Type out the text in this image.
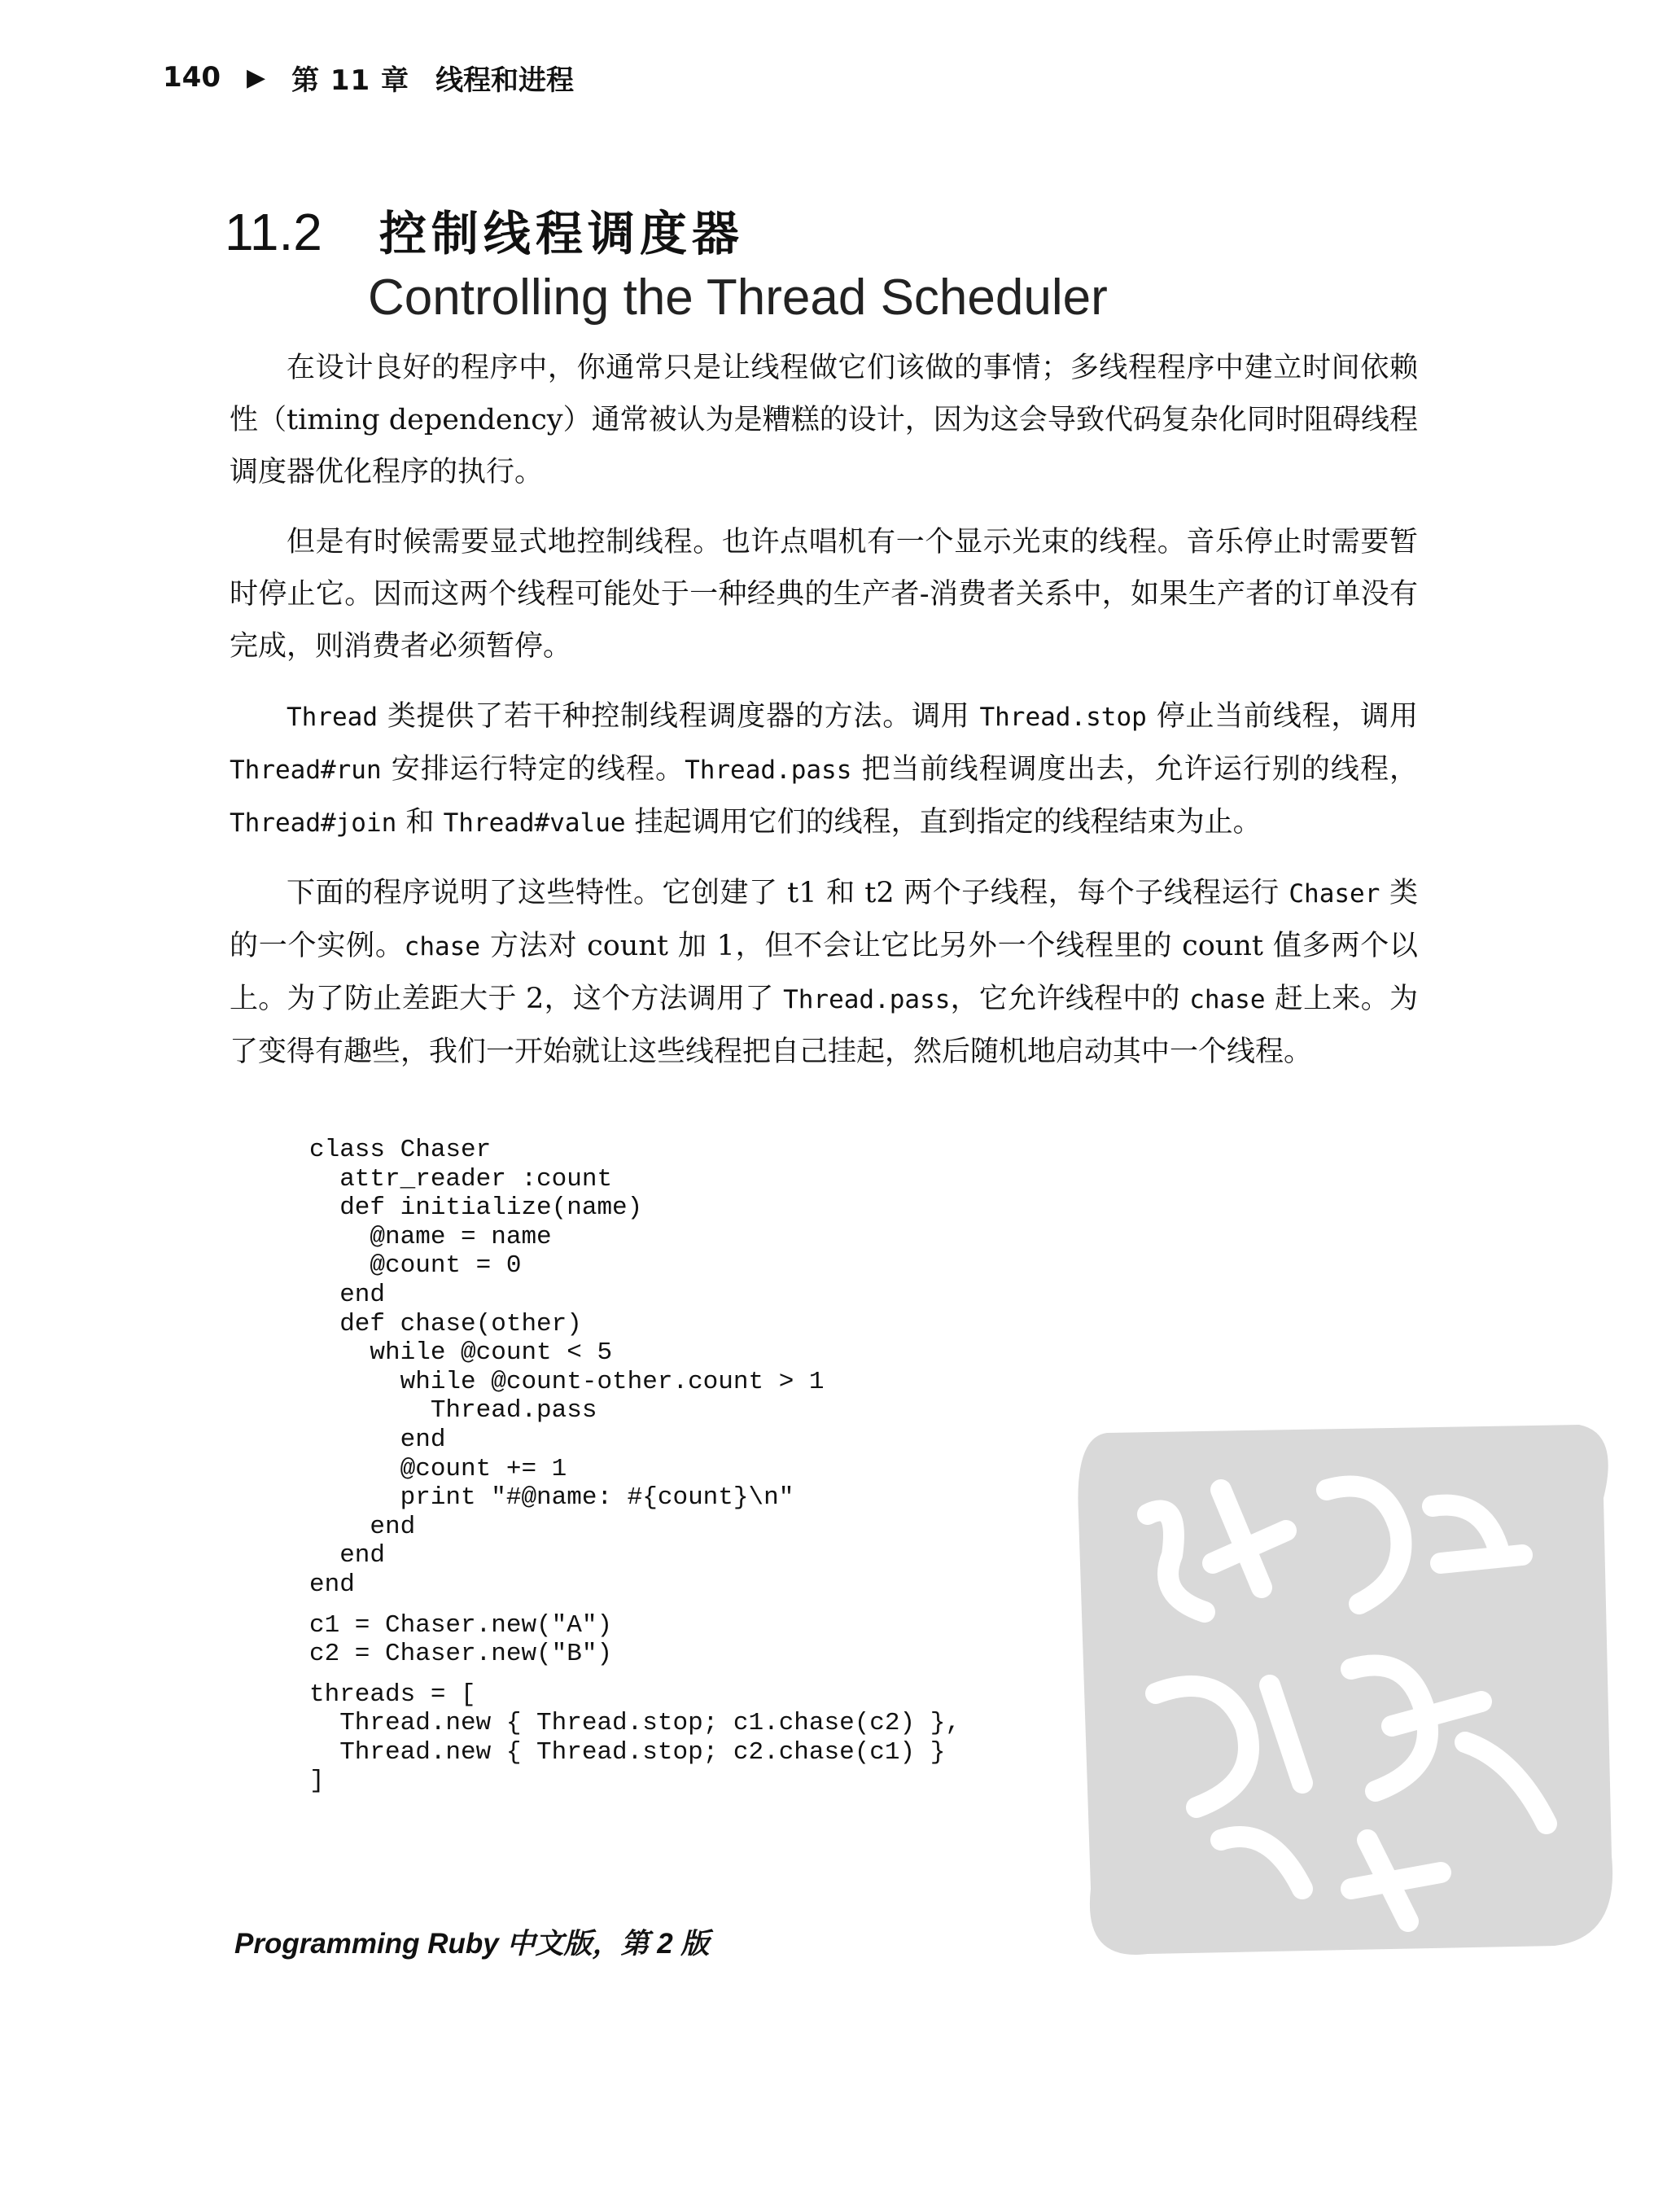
140 ▶ 第 11 章 线程和进程
11.2 控制线程调度器
Controlling the Thread Scheduler

在设计良好的程序中，你通常只是让线程做它们该做的事情；多线程程序中建立时间依赖性（timing dependency）通常被认为是糟糕的设计，因为这会导致代码复杂化同时阻碍线程调度器优化程序的执行。

但是有时候需要显式地控制线程。也许点唱机有一个显示光束的线程。音乐停止时需要暂时停止它。因而这两个线程可能处于一种经典的生产者-消费者关系中，如果生产者的订单没有完成，则消费者必须暂停。

Thread 类提供了若干种控制线程调度器的方法。调用 Thread.stop 停止当前线程，调用 Thread#run 安排运行特定的线程。Thread.pass 把当前线程调度出去，允许运行别的线程，Thread#join 和 Thread#value 挂起调用它们的线程，直到指定的线程结束为止。

下面的程序说明了这些特性。它创建了 t1 和 t2 两个子线程，每个子线程运行 Chaser 类的一个实例。chase 方法对 count 加 1，但不会让它比另外一个线程里的 count 值多两个以上。为了防止差距大于 2，这个方法调用了 Thread.pass，它允许线程中的 chase 赶上来。为了变得有趣些，我们一开始就让这些线程把自己挂起，然后随机地启动其中一个线程。

class Chaser
attr_reader :count
def initialize(name)
@name = name
@count = 0
end
def chase(other)
while @count < 5
while @count-other.count > 1
Thread.pass
end
@count += 1
print "#@name: #{count}\n"
end
end
end
c1 = Chaser.new("A")
c2 = Chaser.new("B")
threads = [
Thread.new { Thread.stop; c1.chase(c2) },
Thread.new { Thread.stop; c2.chase(c1) }
]
Programming Ruby 中文版，第 2 版
